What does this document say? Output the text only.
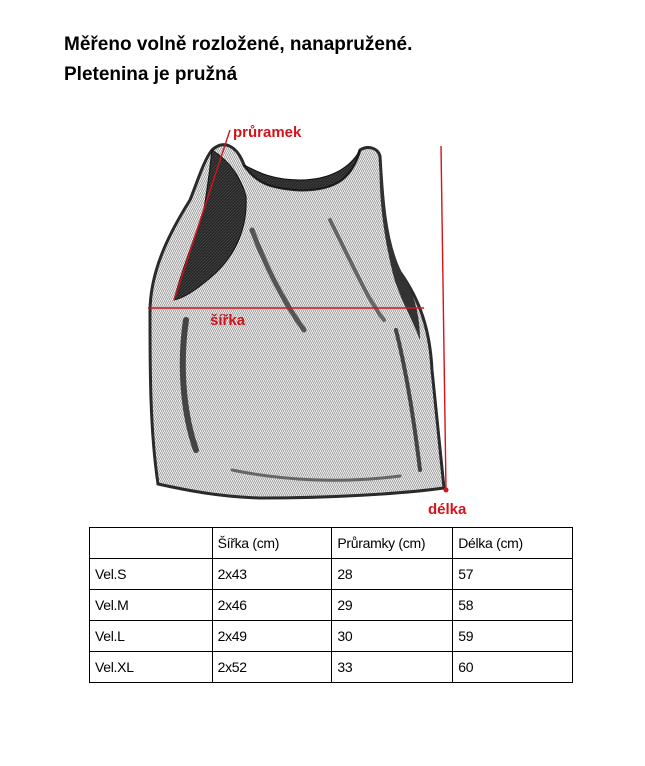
Měřeno volně rozložené, nanapružené.
Pletenina je pružná
průramek
šířka
délka
	Šířka (cm)	Průramky (cm)	Délka (cm)
Vel.S	2x43	28	57
Vel.M	2x46	29	58
Vel.L	2x49	30	59
Vel.XL	2x52	33	60
